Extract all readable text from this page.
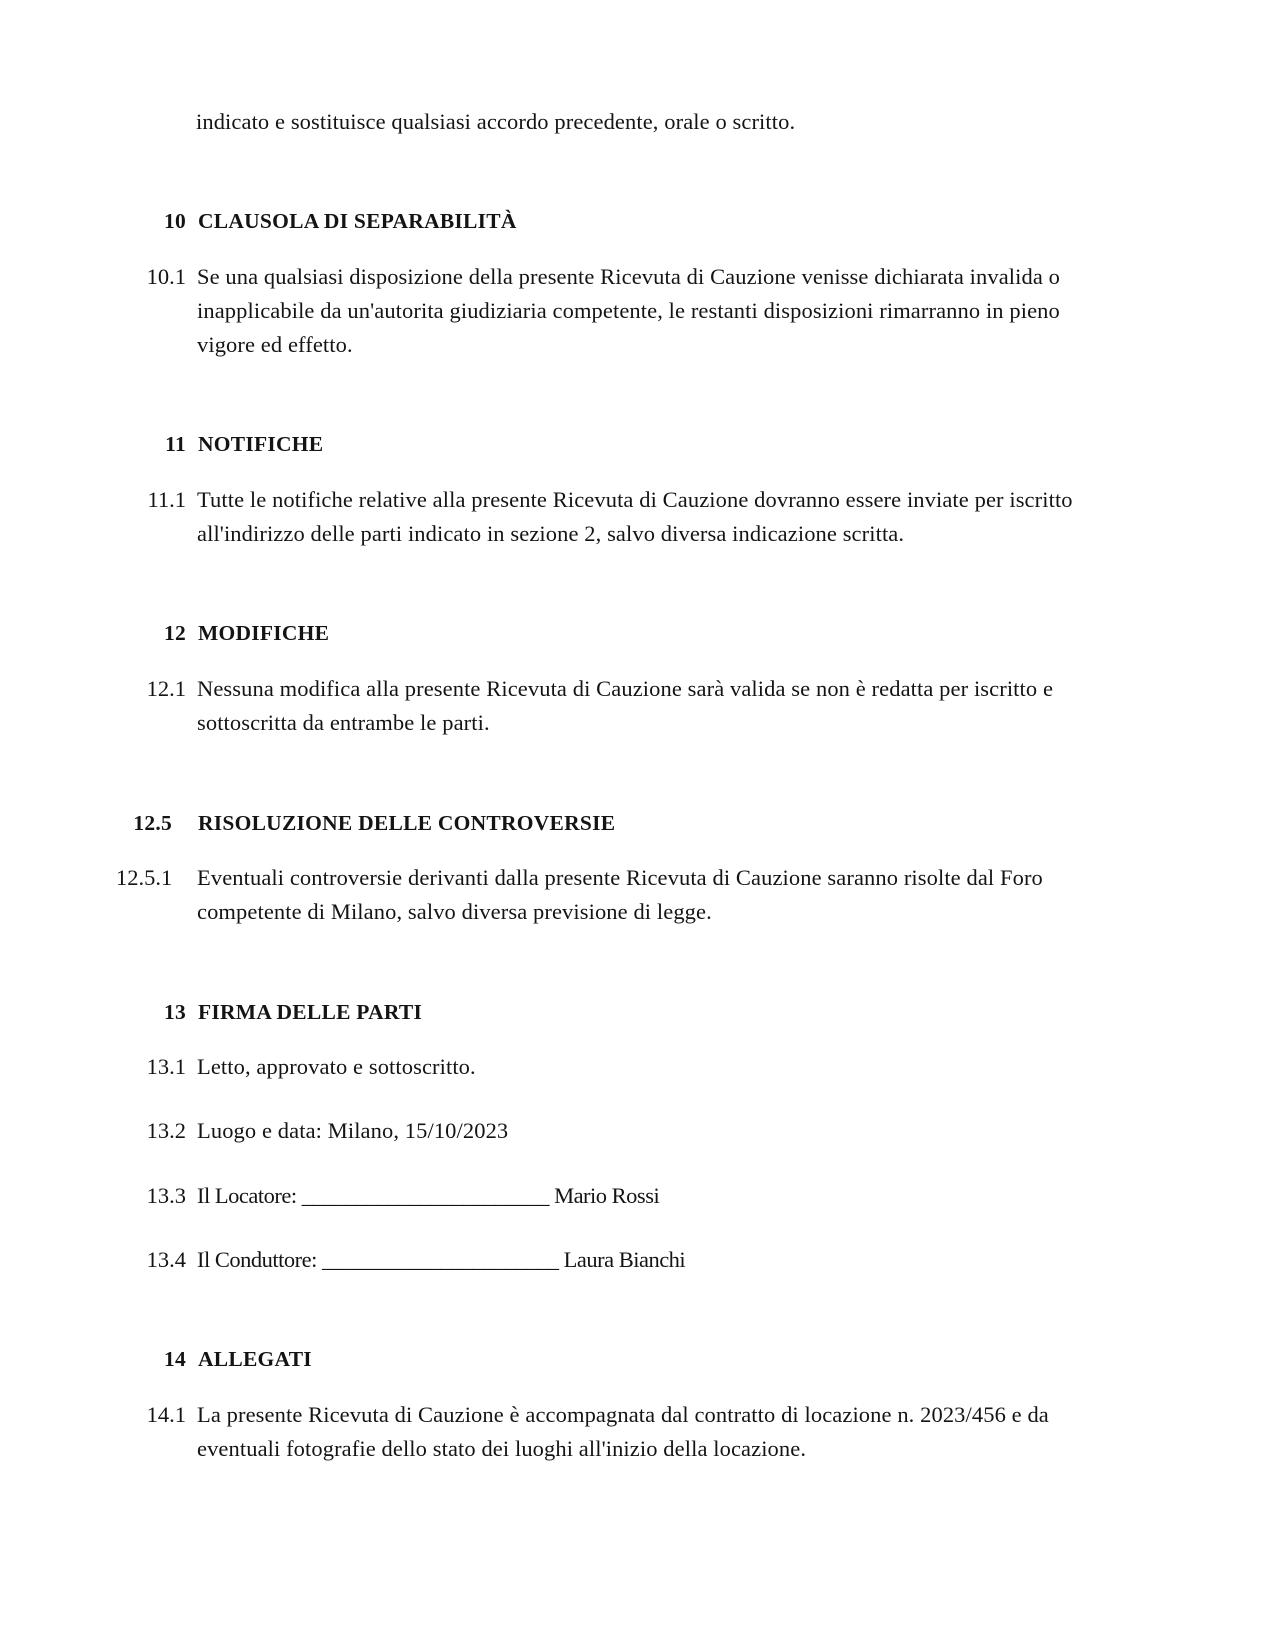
indicato e sostituisce qualsiasi accordo precedente, orale o scritto.

10 CLAUSOLA DI SEPARABILITÀ
10.1 Se una qualsiasi disposizione della presente Ricevuta di Cauzione venisse dichiarata invalida o inapplicabile da un'autorita giudiziaria competente, le restanti disposizioni rimarranno in pieno vigore ed effetto.
11 NOTIFICHE
11.1 Tutte le notifiche relative alla presente Ricevuta di Cauzione dovranno essere inviate per iscritto all'indirizzo delle parti indicato in sezione 2, salvo diversa indicazione scritta.
12 MODIFICHE
12.1 Nessuna modifica alla presente Ricevuta di Cauzione sarà valida se non è redatta per iscritto e sottoscritta da entrambe le parti.
12.5	RISOLUZIONE DELLE CONTROVERSIE
12.5.1	Eventuali controversie derivanti dalla presente Ricevuta di Cauzione saranno risolte dal Foro competente di Milano, salvo diversa previsione di legge.
13 FIRMA DELLE PARTI
13.1 Letto, approvato e sottoscritto.
13.2 Luogo e data: Milano, 15/10/2023
13.3 Il Locatore: _______________________ Mario Rossi
13.4 Il Conduttore: ______________________ Laura Bianchi
14 ALLEGATI
14.1 La presente Ricevuta di Cauzione è accompagnata dal contratto di locazione n. 2023/456 e da eventuali fotografie dello stato dei luoghi all'inizio della locazione.
